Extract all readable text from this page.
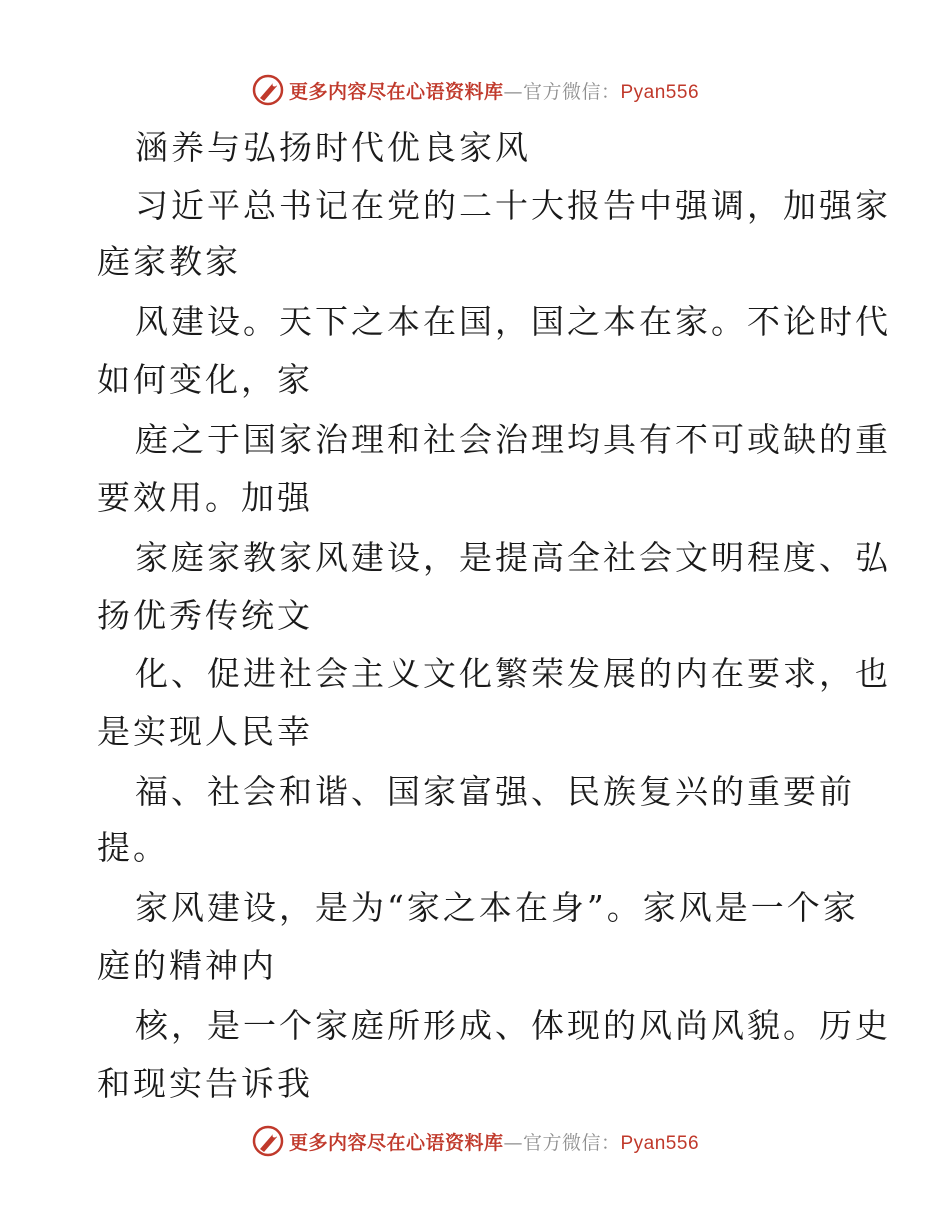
更多内容尽在心语资料库—官方微信：Pyan556
涵养与弘扬时代优良家风
习近平总书记在党的二十大报告中强调，加强家
庭家教家
风建设。天下之本在国，国之本在家。不论时代
如何变化，家
庭之于国家治理和社会治理均具有不可或缺的重
要效用。加强
家庭家教家风建设，是提高全社会文明程度、弘
扬优秀传统文
化、促进社会主义文化繁荣发展的内在要求，也
是实现人民幸
福、社会和谐、国家富强、民族复兴的重要前
提。
家风建设，是为“家之本在身”。家风是一个家
庭的精神内
核，是一个家庭所形成、体现的风尚风貌。历史
和现实告诉我
更多内容尽在心语资料库—官方微信：Pyan556
